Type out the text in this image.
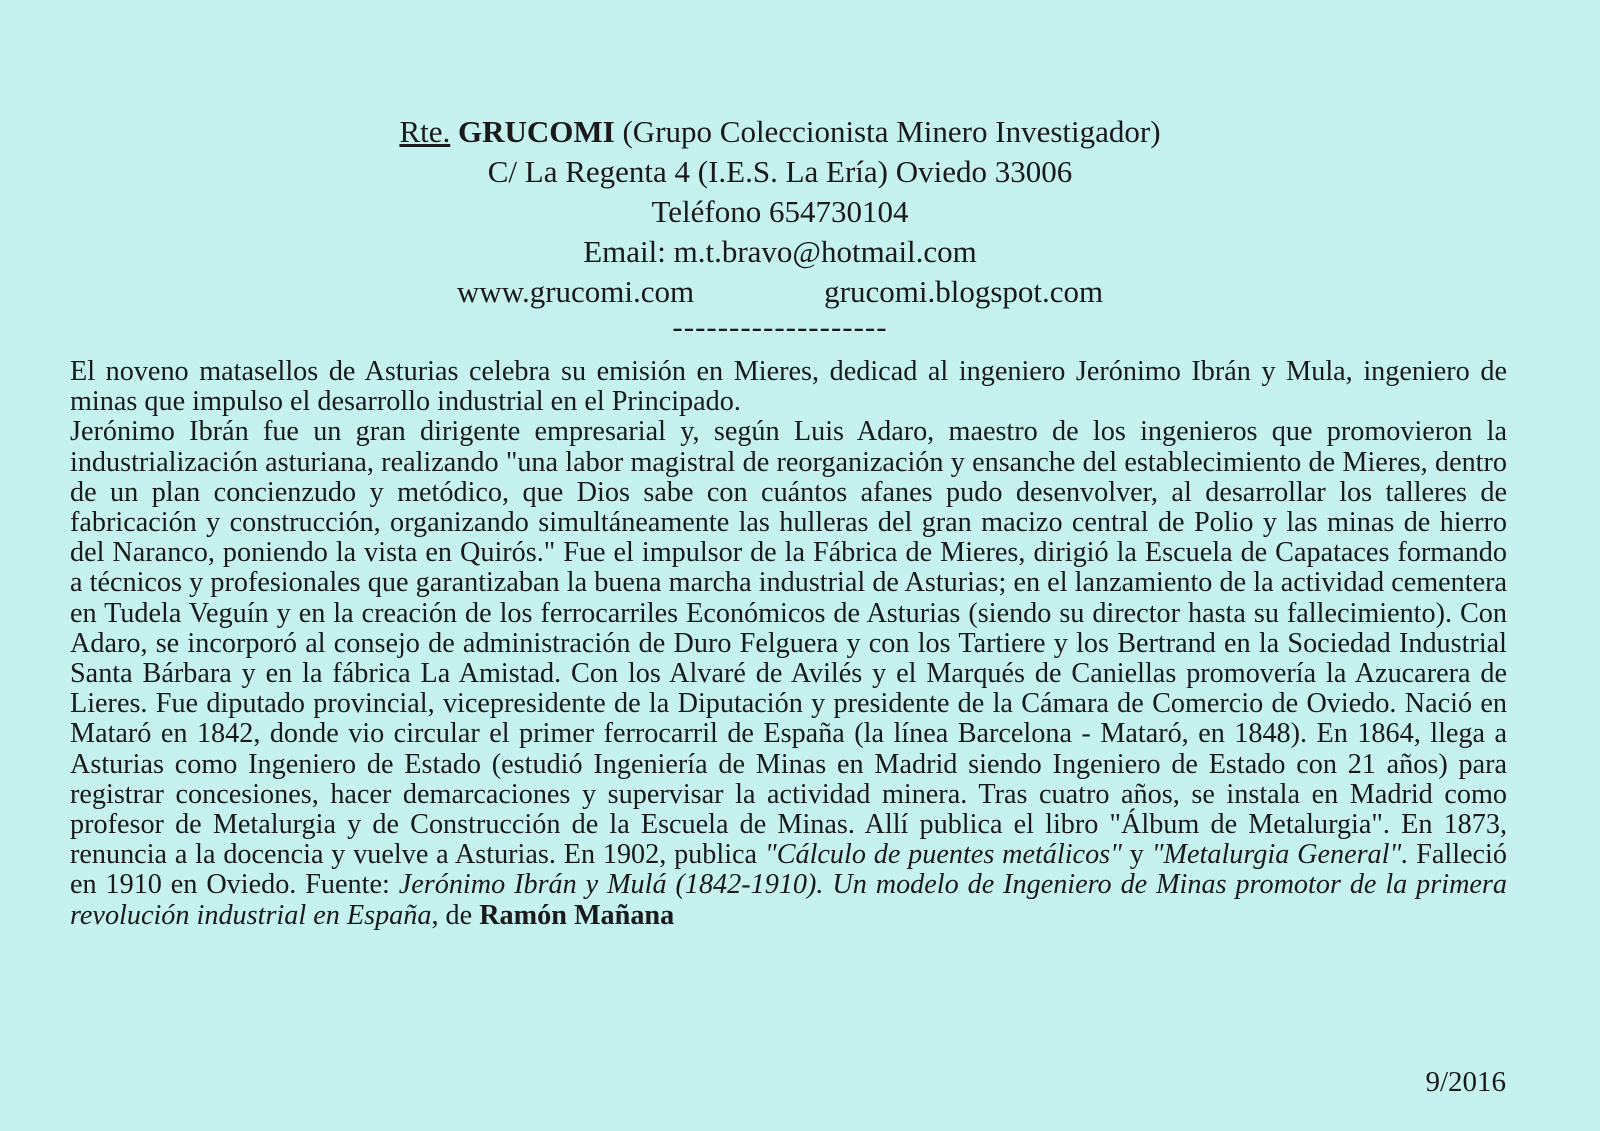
Rte. GRUCOMI (Grupo Coleccionista Minero Investigador)
C/ La Regenta 4 (I.E.S. La Ería) Oviedo 33006
Teléfono 654730104
Email: m.t.bravo@hotmail.com
www.grucomi.com	grucomi.blogspot.com
-------------------

El noveno matasellos de Asturias celebra su emisión en Mieres, dedicad al ingeniero Jerónimo Ibrán y Mula, ingeniero de minas que impulso el desarrollo industrial en el Principado.

Jerónimo Ibrán fue un gran dirigente empresarial y, según Luis Adaro, maestro de los ingenieros que promovieron la industrialización asturiana, realizando "una labor magistral de reorganización y ensanche del establecimiento de Mieres, dentro de un plan concienzudo y metódico, que Dios sabe con cuántos afanes pudo desenvolver, al desarrollar los talleres de fabricación y construcción, organizando simultáneamente las hulleras del gran macizo central de Polio y las minas de hierro del Naranco, poniendo la vista en Quirós." Fue el impulsor de la Fábrica de Mieres, dirigió la Escuela de Capataces formando a técnicos y profesionales que garantizaban la buena marcha industrial de Asturias; en el lanzamiento de la actividad cementera en Tudela Veguín y en la creación de los ferrocarriles Económicos de Asturias (siendo su director hasta su fallecimiento). Con Adaro, se incorporó al consejo de administración de Duro Felguera y con los Tartiere y los Bertrand en la Sociedad Industrial Santa Bárbara y en la fábrica La Amistad. Con los Alvaré de Avilés y el Marqués de Caniellas promovería la Azucarera de Lieres. Fue diputado provincial, vicepresidente de la Diputación y presidente de la Cámara de Comercio de Oviedo. Nació en Mataró en 1842, donde vio circular el primer ferrocarril de España (la línea Barcelona - Mataró, en 1848). En 1864, llega a Asturias como Ingeniero de Estado (estudió Ingeniería de Minas en Madrid siendo Ingeniero de Estado con 21 años) para registrar concesiones, hacer demarcaciones y supervisar la actividad minera. Tras cuatro años, se instala en Madrid como profesor de Metalurgia y de Construcción de la Escuela de Minas. Allí publica el libro "Álbum de Metalurgia". En 1873, renuncia a la docencia y vuelve a Asturias. En 1902, publica "Cálculo de puentes metálicos" y "Metalurgia General". Falleció en 1910 en Oviedo. Fuente: Jerónimo Ibrán y Mulá (1842-1910). Un modelo de Ingeniero de Minas promotor de la primera revolución industrial en España, de Ramón Mañana

9/2016
